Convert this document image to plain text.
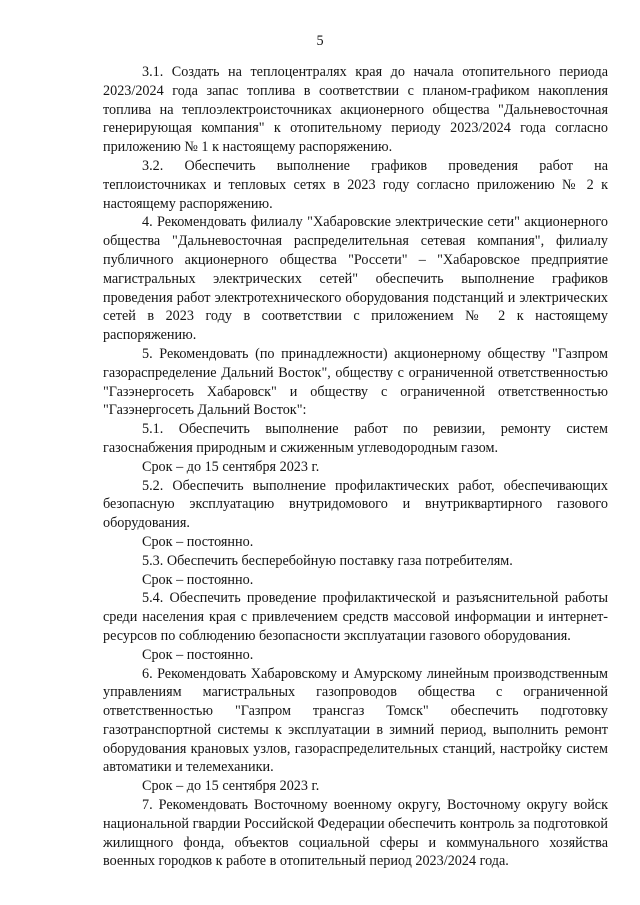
5

3.1. Создать на теплоцентралях края до начала отопительного периода 2023/2024 года запас топлива в соответствии с планом-графиком накопления топлива на теплоэлектроисточниках акционерного общества "Дальневосточная генерирующая компания" к отопительному периоду 2023/2024 года согласно приложению № 1 к настоящему распоряжению.

3.2. Обеспечить выполнение графиков проведения работ на теплоисточниках и тепловых сетях в 2023 году согласно приложению № 2 к настоящему распоряжению.

4. Рекомендовать филиалу "Хабаровские электрические сети" акционерного общества "Дальневосточная распределительная сетевая компания", филиалу публичного акционерного общества "Россети" – "Хабаровское предприятие магистральных электрических сетей" обеспечить выполнение графиков проведения работ электротехнического оборудования подстанций и электрических сетей в 2023 году в соответствии с приложением № 2 к настоящему распоряжению.

5. Рекомендовать (по принадлежности) акционерному обществу "Газпром газораспределение Дальний Восток", обществу с ограниченной ответственностью "Газэнергосеть Хабаровск" и обществу с ограниченной ответственностью "Газэнергосеть Дальний Восток":

5.1. Обеспечить выполнение работ по ревизии, ремонту систем газоснабжения природным и сжиженным углеводородным газом.

Срок – до 15 сентября 2023 г.

5.2. Обеспечить выполнение профилактических работ, обеспечивающих безопасную эксплуатацию внутридомового и внутриквартирного газового оборудования.

Срок – постоянно.

5.3. Обеспечить бесперебойную поставку газа потребителям.

Срок – постоянно.

5.4. Обеспечить проведение профилактической и разъяснительной работы среди населения края с привлечением средств массовой информации и интернет-ресурсов по соблюдению безопасности эксплуатации газового оборудования.

Срок – постоянно.

6. Рекомендовать Хабаровскому и Амурскому линейным производственным управлениям магистральных газопроводов общества с ограниченной ответственностью "Газпром трансгаз Томск" обеспечить подготовку газотранспортной системы к эксплуатации в зимний период, выполнить ремонт оборудования крановых узлов, газораспределительных станций, настройку систем автоматики и телемеханики.

Срок – до 15 сентября 2023 г.

7. Рекомендовать Восточному военному округу, Восточному округу войск национальной гвардии Российской Федерации обеспечить контроль за подготовкой жилищного фонда, объектов социальной сферы и коммунального хозяйства военных городков к работе в отопительный период 2023/2024 года.
